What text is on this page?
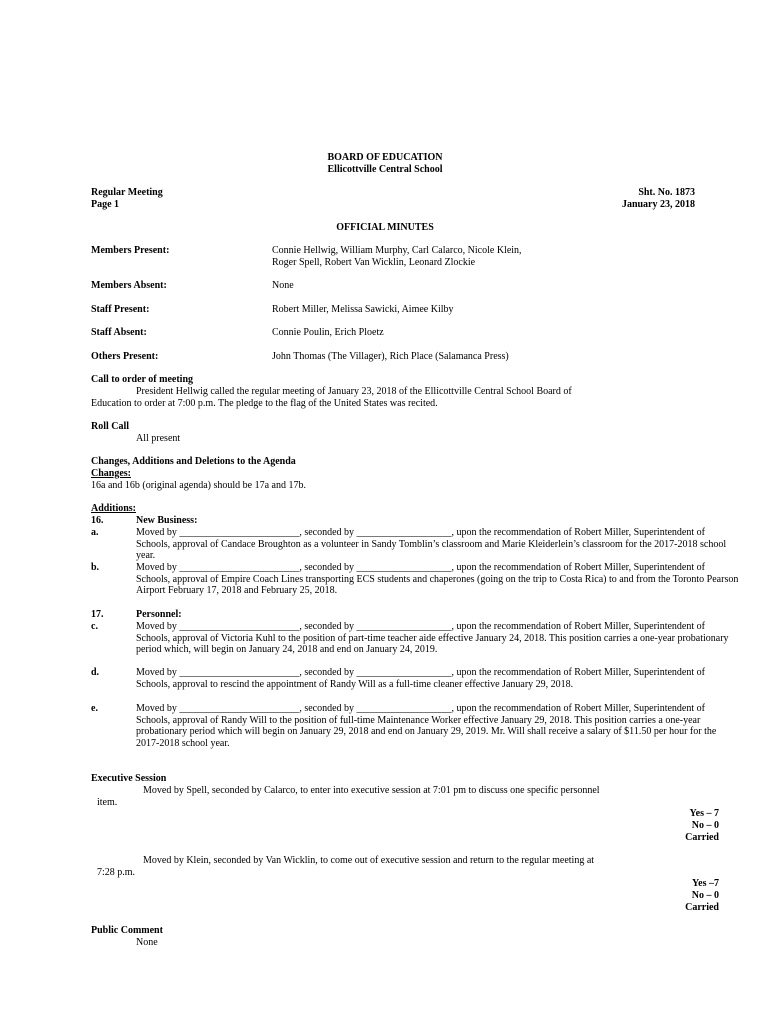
BOARD OF EDUCATION
Ellicottville Central School
Regular Meeting
Page 1
Sht. No. 1873
January 23, 2018
OFFICIAL MINUTES
Members Present:	Connie Hellwig, William Murphy, Carl Calarco, Nicole Klein,
Roger Spell, Robert Van Wicklin, Leonard Zlockie
Members Absent:	None
Staff Present:	Robert Miller, Melissa Sawicki, Aimee Kilby
Staff Absent:	Connie Poulin, Erich Ploetz
Others Present:	John Thomas (The Villager), Rich Place (Salamanca Press)
Call to order of meeting
President Hellwig called the regular meeting of January 23, 2018 of the Ellicottville Central School Board of
Education to order at 7:00 p.m. The pledge to the flag of the United States was recited.
Roll Call
All present
Changes, Additions and Deletions to the Agenda
Changes:
16a and 16b (original agenda) should be 17a and 17b.
Additions:
16.	New Business:
a.	Moved by ________________________, seconded by ___________________, upon the recommendation of Robert Miller, Superintendent of Schools, approval of Candace Broughton as a volunteer in Sandy Tomblin’s classroom and Marie Kleiderlein’s classroom for the 2017-2018 school year.
b.	Moved by ________________________, seconded by ___________________, upon the recommendation of Robert Miller, Superintendent of Schools, approval of Empire Coach Lines transporting ECS students and chaperones (going on the trip to Costa Rica) to and from the Toronto Pearson Airport February 17, 2018 and February 25, 2018.
17.	Personnel:
c.	Moved by ________________________, seconded by ___________________, upon the recommendation of Robert Miller, Superintendent of Schools, approval of Victoria Kuhl to the position of part-time teacher aide effective January 24, 2018. This position carries a one-year probationary period which, will begin on January 24, 2018 and end on January 24, 2019.
d.	Moved by ________________________, seconded by ___________________, upon the recommendation of Robert Miller, Superintendent of Schools, approval to rescind the appointment of Randy Will as a full-time cleaner effective January 29, 2018.
e.	Moved by ________________________, seconded by ___________________, upon the recommendation of Robert Miller, Superintendent of Schools, approval of Randy Will to the position of full-time Maintenance Worker effective January 29, 2018. This position carries a one-year probationary period which will begin on January 29, 2018 and end on January 29, 2019. Mr. Will shall receive a salary of $11.50 per hour for the 2017-2018 school year.
Executive Session
Moved by Spell, seconded by Calarco, to enter into executive session at 7:01 pm to discuss one specific personnel
item.
Yes – 7
No – 0
Carried
Moved by Klein, seconded by Van Wicklin, to come out of executive session and return to the regular meeting at
7:28 p.m.
Yes –7
No – 0
Carried
Public Comment
None
